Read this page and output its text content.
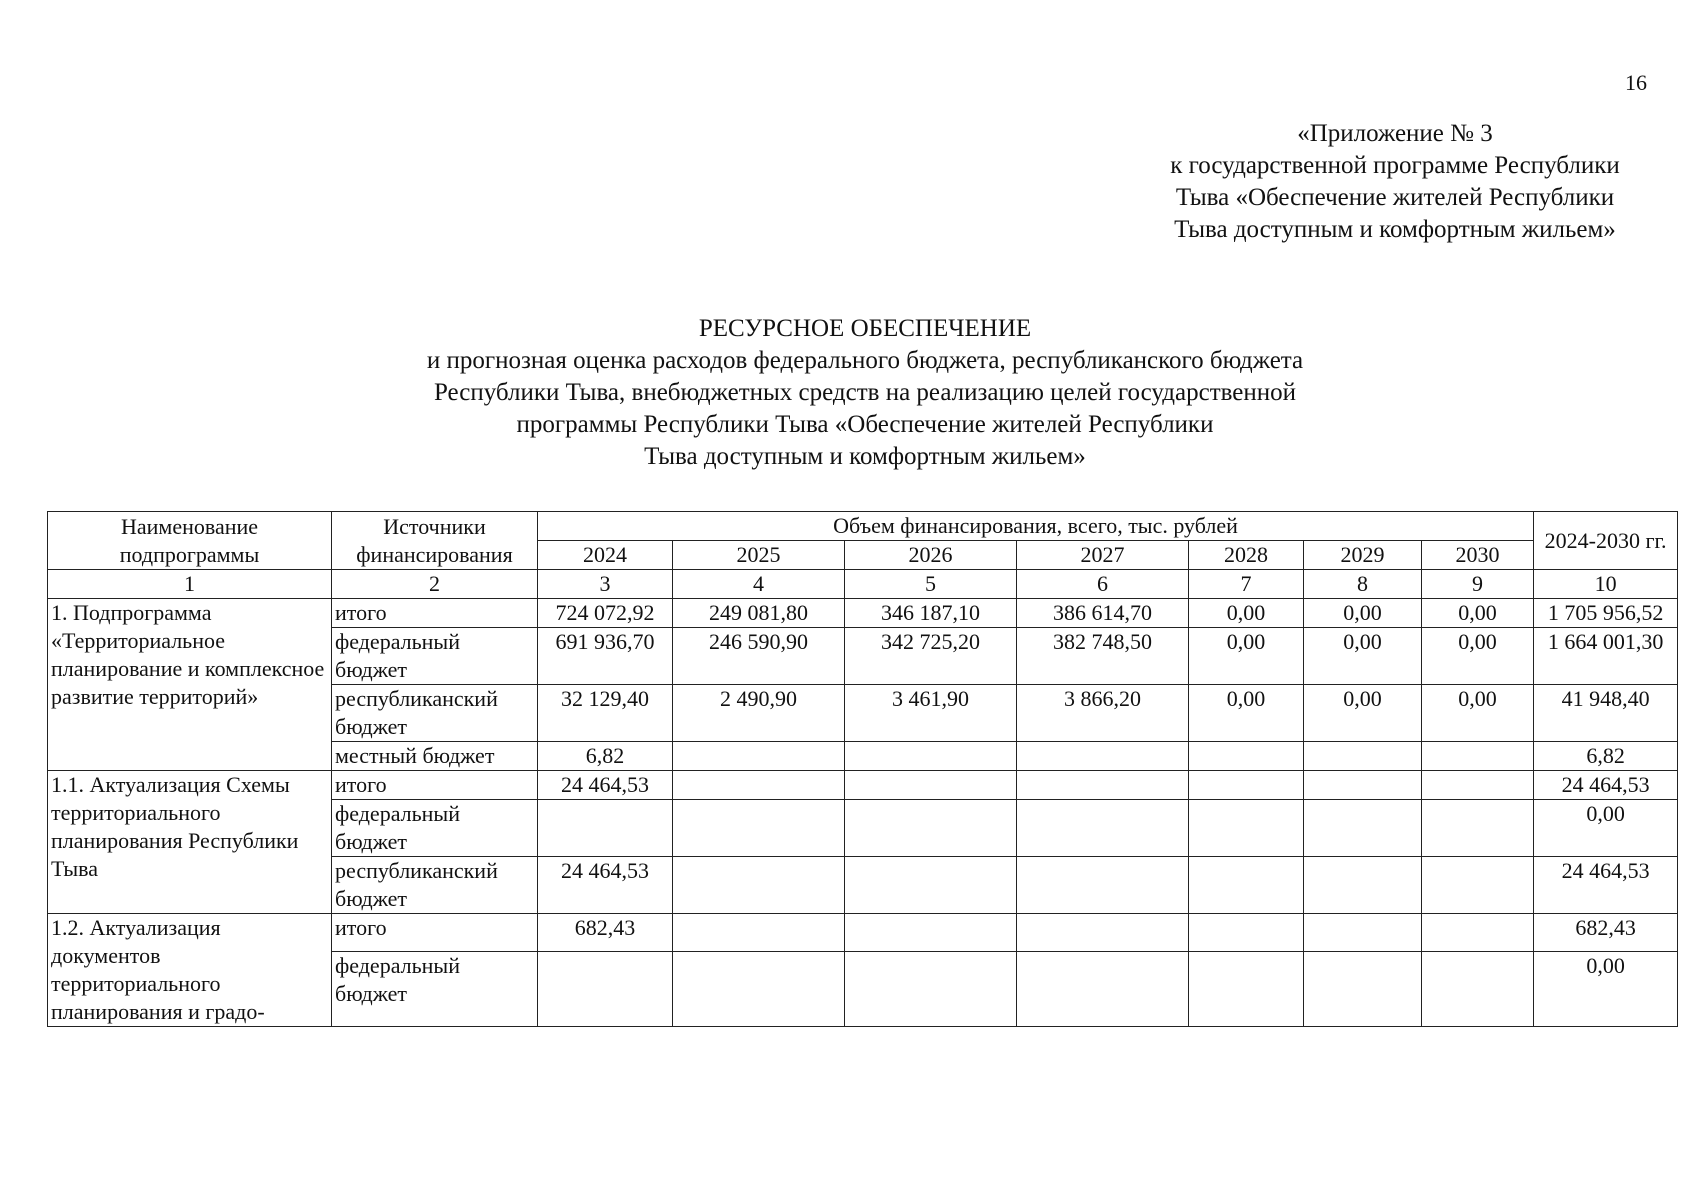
16
«Приложение № 3
к государственной программе Республики
Тыва «Обеспечение жителей Республики
Тыва доступным и комфортным жильем»
РЕСУРСНОЕ ОБЕСПЕЧЕНИЕ
и прогнозная оценка расходов федерального бюджета, республиканского бюджета
Республики Тыва, внебюджетных средств на реализацию целей государственной
программы Республики Тыва «Обеспечение жителей Республики
Тыва доступным и комфортным жильем»
Наименование подпрограммы	Источники финансирования	Объем финансирования, всего, тыс. рублей							2024-2030 гг.
		2024	2025	2026	2027	2028	2029	2030	
1	2	3	4	5	6	7	8	9	10
1. Подпрограмма «Территориальное планирование и комплексное развитие территорий»	итого	724 072,92	249 081,80	346 187,10	386 614,70	0,00	0,00	0,00	1 705 956,52
	федеральный бюджет	691 936,70	246 590,90	342 725,20	382 748,50	0,00	0,00	0,00	1 664 001,30
	республиканский бюджет	32 129,40	2 490,90	3 461,90	3 866,20	0,00	0,00	0,00	41 948,40
	местный бюджет	6,82							6,82
1.1. Актуализация Схемы территориального планирования Республики Тыва	итого	24 464,53							24 464,53
	федеральный бюджет								0,00
	республиканский бюджет	24 464,53							24 464,53
1.2. Актуализация документов территориального планирования и градо-	итого	682,43							682,43
	федеральный бюджет								0,00
